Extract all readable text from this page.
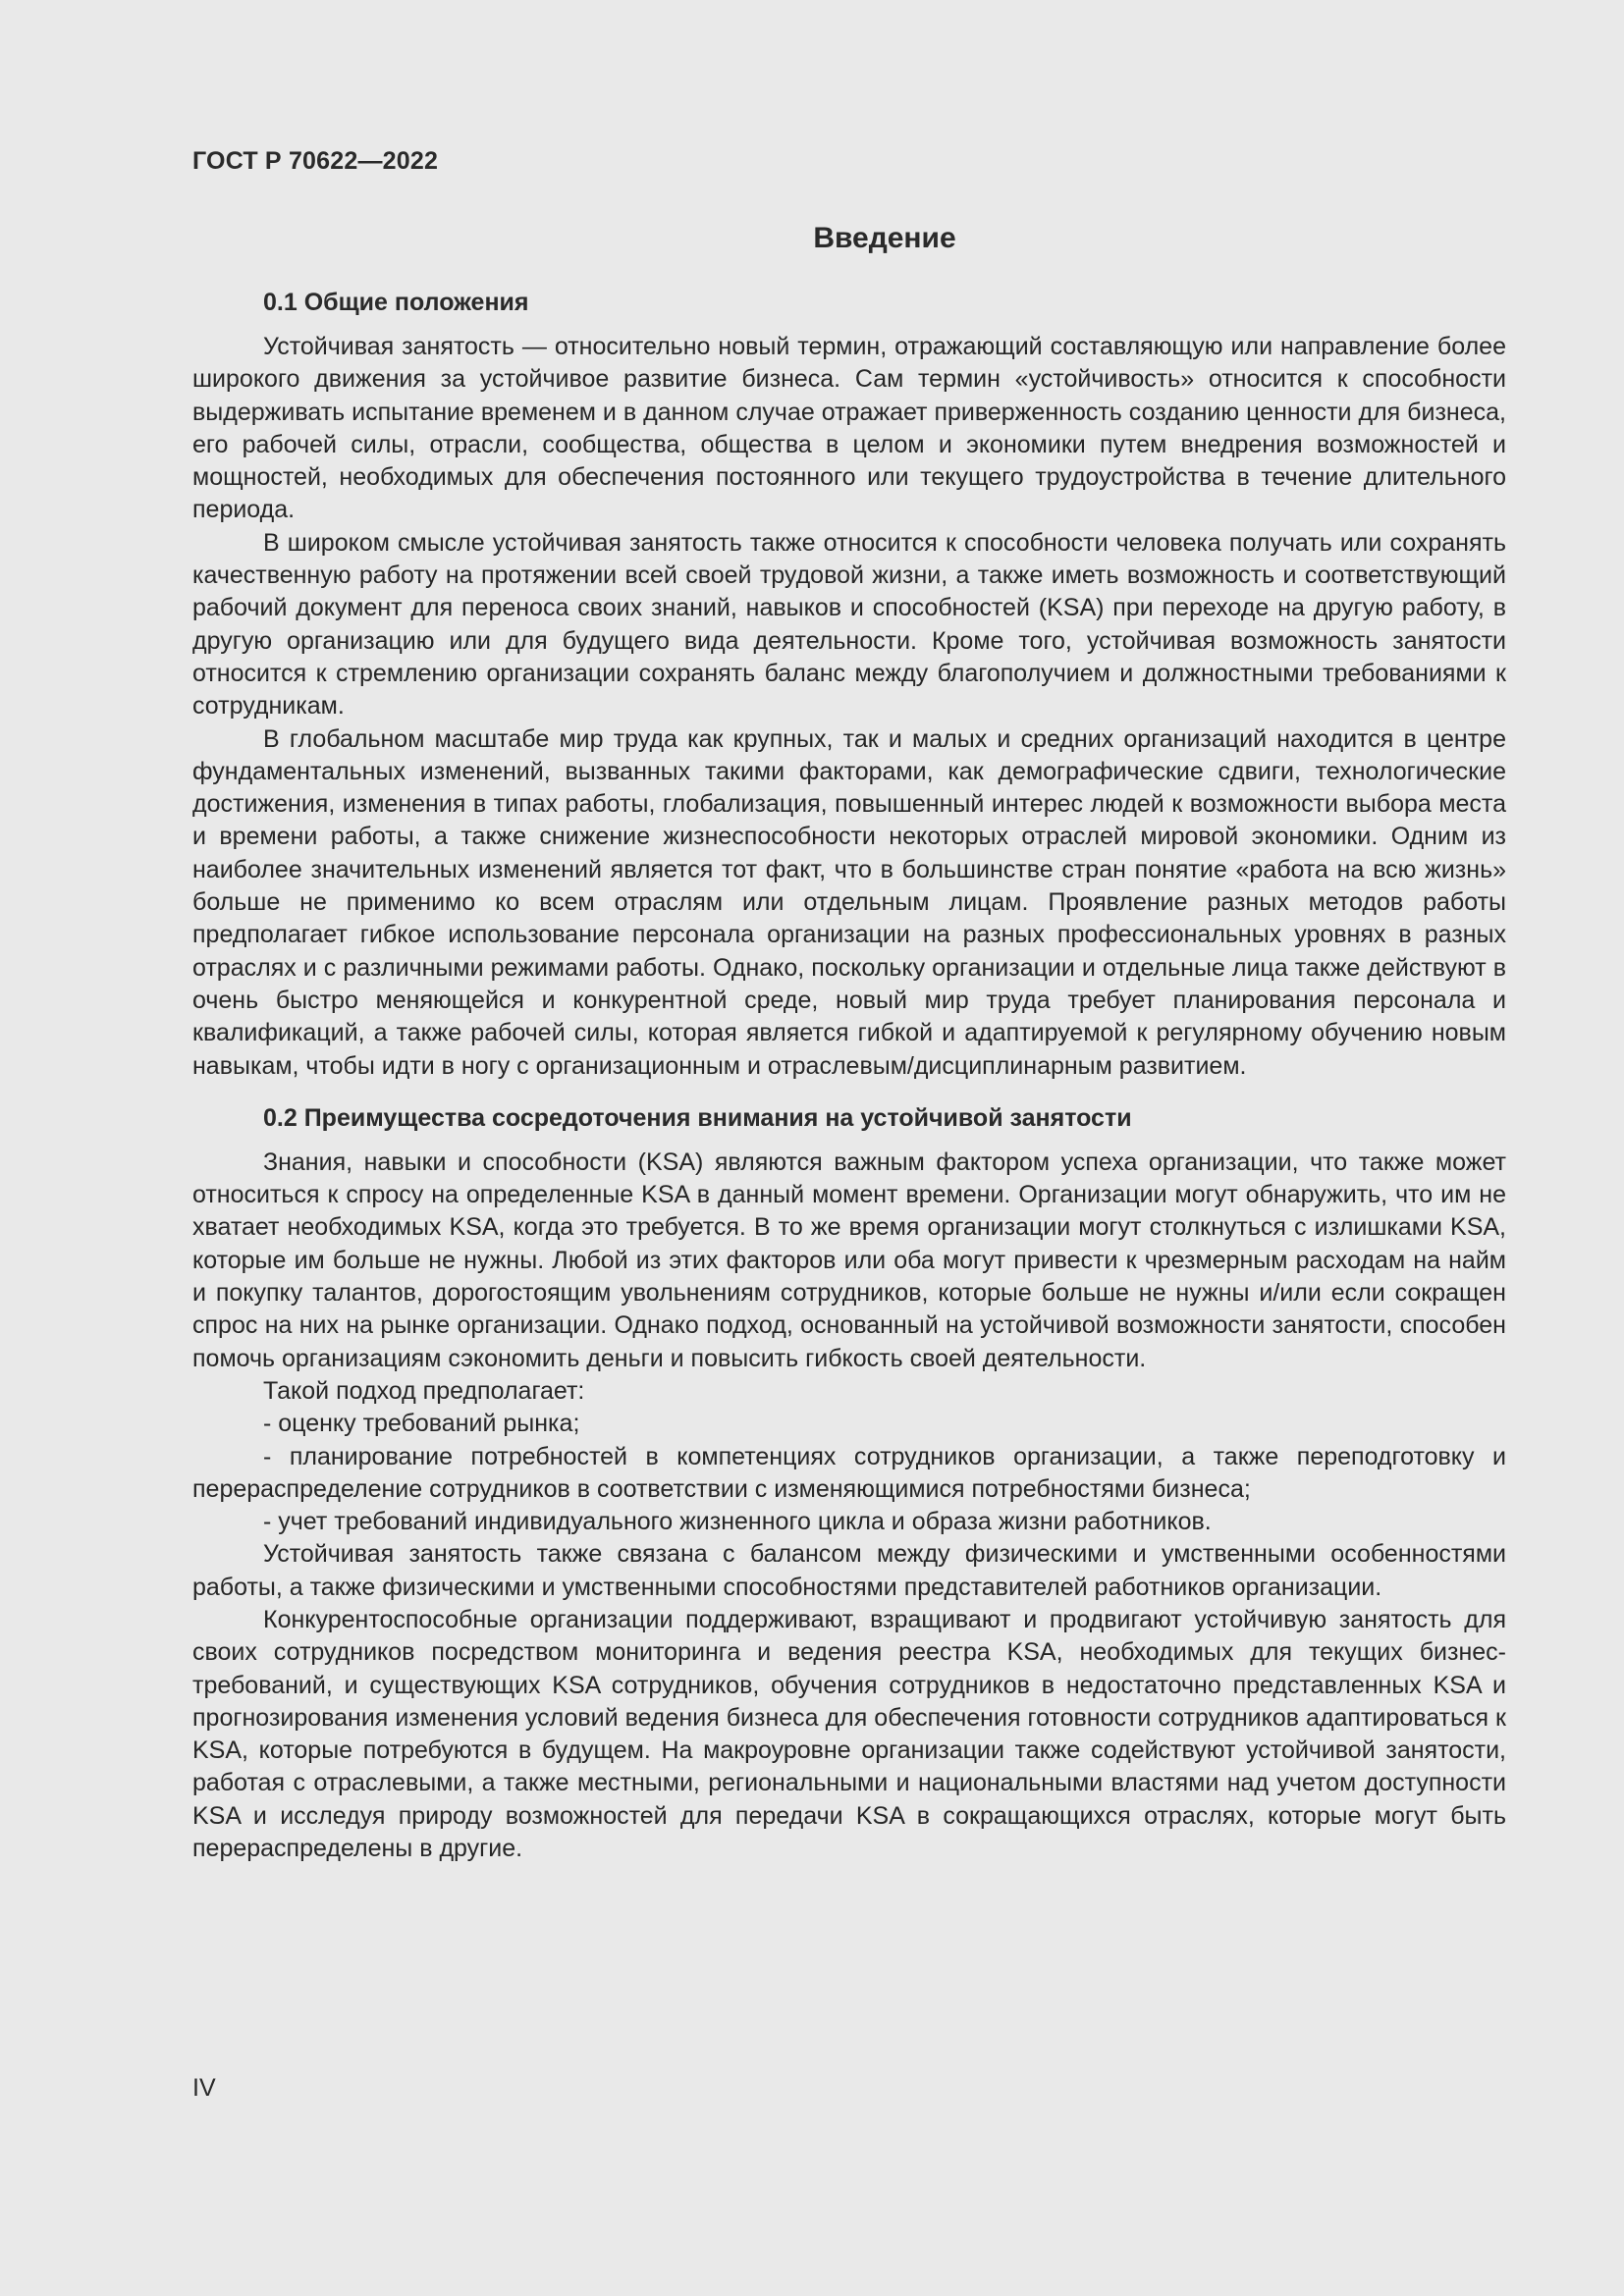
ГОСТ Р 70622—2022
Введение
0.1 Общие положения

Устойчивая занятость — относительно новый термин, отражающий составляющую или направление более широкого движения за устойчивое развитие бизнеса. Сам термин «устойчивость» относится к способности выдерживать испытание временем и в данном случае отражает приверженность созданию ценности для бизнеса, его рабочей силы, отрасли, сообщества, общества в целом и экономики путем внедрения возможностей и мощностей, необходимых для обеспечения постоянного или текущего трудоустройства в течение длительного периода.

В широком смысле устойчивая занятость также относится к способности человека получать или сохранять качественную работу на протяжении всей своей трудовой жизни, а также иметь возможность и соответствующий рабочий документ для переноса своих знаний, навыков и способностей (KSA) при переходе на другую работу, в другую организацию или для будущего вида деятельности. Кроме того, устойчивая возможность занятости относится к стремлению организации сохранять баланс между благополучием и должностными требованиями к сотрудникам.

В глобальном масштабе мир труда как крупных, так и малых и средних организаций находится в центре фундаментальных изменений, вызванных такими факторами, как демографические сдвиги, технологические достижения, изменения в типах работы, глобализация, повышенный интерес людей к возможности выбора места и времени работы, а также снижение жизнеспособности некоторых отраслей мировой экономики. Одним из наиболее значительных изменений является тот факт, что в большинстве стран понятие «работа на всю жизнь» больше не применимо ко всем отраслям или отдельным лицам. Проявление разных методов работы предполагает гибкое использование персонала организации на разных профессиональных уровнях в разных отраслях и с различными режимами работы. Однако, поскольку организации и отдельные лица также действуют в очень быстро меняющейся и конкурентной среде, новый мир труда требует планирования персонала и квалификаций, а также рабочей силы, которая является гибкой и адаптируемой к регулярному обучению новым навыкам, чтобы идти в ногу с организационным и отраслевым/дисциплинарным развитием.

0.2 Преимущества сосредоточения внимания на устойчивой занятости

Знания, навыки и способности (KSA) являются важным фактором успеха организации, что также может относиться к спросу на определенные KSA в данный момент времени. Организации могут обнаружить, что им не хватает необходимых KSA, когда это требуется. В то же время организации могут столкнуться с излишками KSA, которые им больше не нужны. Любой из этих факторов или оба могут привести к чрезмерным расходам на найм и покупку талантов, дорогостоящим увольнениям сотрудников, которые больше не нужны и/или если сокращен спрос на них на рынке организации. Однако подход, основанный на устойчивой возможности занятости, способен помочь организациям сэкономить деньги и повысить гибкость своей деятельности.

Такой подход предполагает:

- оценку требований рынка;

- планирование потребностей в компетенциях сотрудников организации, а также переподготовку и перераспределение сотрудников в соответствии с изменяющимися потребностями бизнеса;

- учет требований индивидуального жизненного цикла и образа жизни работников.

Устойчивая занятость также связана с балансом между физическими и умственными особенностями работы, а также физическими и умственными способностями представителей работников организации.

Конкурентоспособные организации поддерживают, взращивают и продвигают устойчивую занятость для своих сотрудников посредством мониторинга и ведения реестра KSA, необходимых для текущих бизнес-требований, и существующих KSA сотрудников, обучения сотрудников в недостаточно представленных KSA и прогнозирования изменения условий ведения бизнеса для обеспечения готовности сотрудников адаптироваться к KSA, которые потребуются в будущем. На макроуровне организации также содействуют устойчивой занятости, работая с отраслевыми, а также местными, региональными и национальными властями над учетом доступности KSA и исследуя природу возможностей для передачи KSA в сокращающихся отраслях, которые могут быть перераспределены в другие.

IV
